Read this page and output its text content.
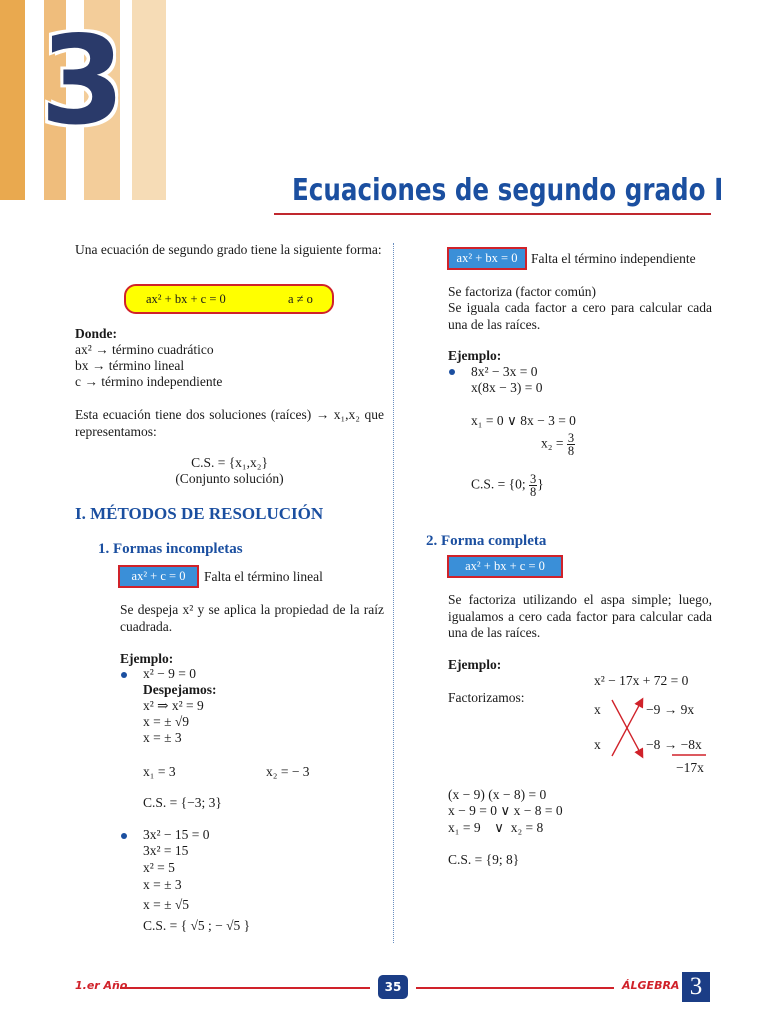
3
Ecuaciones de segundo grado I
Una ecuación de segundo grado tiene la siguiente forma:
ax² + bx + c = 0	a ≠ o
Donde:
ax² → término cuadrático
bx → término lineal
c → término independiente
Esta ecuación tiene dos soluciones (raíces) → x₁,x₂ que representamos:
C.S. = {x₁,x₂}
(Conjunto solución)
I. MÉTODOS DE RESOLUCIÓN
1. Formas incompletas
ax² + c = 0	Falta el término lineal
Se despeja x² y se aplica la propiedad de la raíz cuadrada.
Ejemplo:
x² − 9 = 0
Despejamos:
x² ⇒ x² = 9
x = ± √9
x = ± 3
x₁ = 3	x₂ = − 3
C.S. = {−3; 3}
3x² − 15 = 0
3x² = 15
x² = 5
x = ± 3
x = ± √5
C.S. = { √5 ; − √5 }
ax² + bx = 0	Falta el término independiente
Se factoriza (factor común)
Se iguala cada factor a cero para calcular cada una de las raíces.
Ejemplo:
8x² − 3x = 0
x(8x − 3) = 0
x₁ = 0 ∨ 8x − 3 = 0
$x_2 = \frac{3}{8}$
C.S. = {0; $\frac{3}{8}$ }
2. Forma completa
ax² + bx + c = 0
Se factoriza utilizando el aspa simple; luego, igualamos a cero cada factor para calcular cada una de las raíces.
Ejemplo:
x² − 17x + 72 = 0
Factorizamos:
x
x
−9 → 9x
−8 → −8x
−17x
(x − 9) (x − 8) = 0
x − 9 = 0 ∨ x − 8 = 0
x₁ = 9    ∨  x₂ = 8
C.S. = {9; 8}
1.er Año	35	ÁLGEBRA 3
